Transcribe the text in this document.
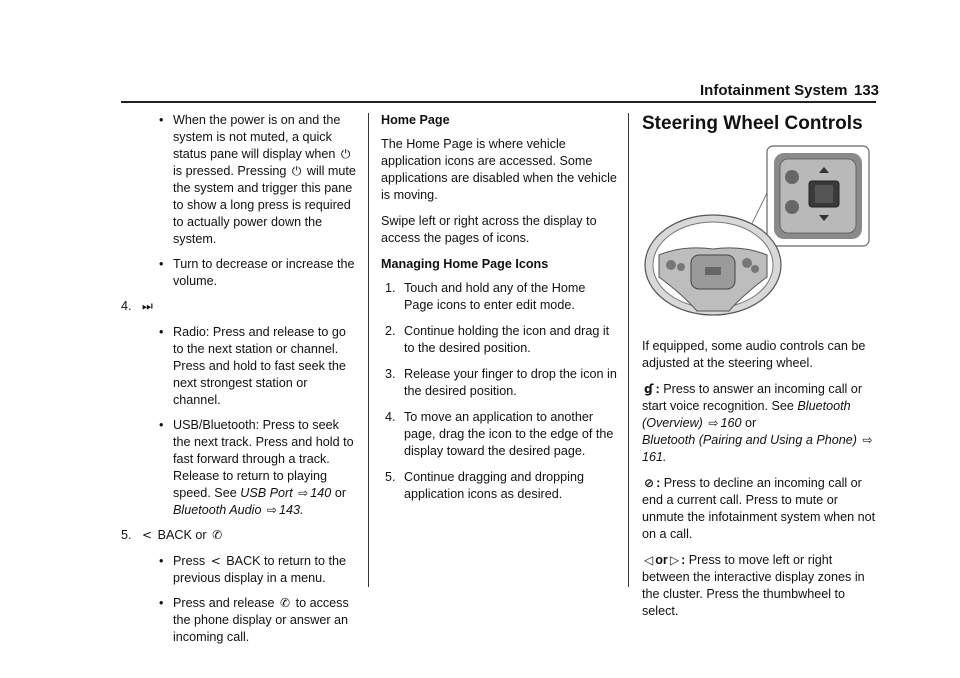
Infotainment System 133
• When the power is on and the system is not muted, a quick status pane will display when ⏻ is pressed. Pressing ⏻ will mute the system and trigger this pane to show a long press is required to actually power down the system.
• Turn to decrease or increase the volume.
4. ⏭
• Radio: Press and release to go to the next station or channel. Press and hold to fast seek the next strongest station or channel.
• USB/Bluetooth: Press to seek the next track. Press and hold to fast forward through a track. Release to return to playing speed. See USB Port ⇨ 140 or
Bluetooth Audio ⇨ 143.
5. < BACK or ✆
• Press < BACK to return to the previous display in a menu.
• Press and release ✆ to access the phone display or answer an incoming call.
Home Page
The Home Page is where vehicle application icons are accessed. Some applications are disabled when the vehicle is moving.
Swipe left or right across the display to access the pages of icons.
Managing Home Page Icons
1. Touch and hold any of the Home Page icons to enter edit mode.
2. Continue holding the icon and drag it to the desired position.
3. Release your finger to drop the icon in the desired position.
4. To move an application to another page, drag the icon to the edge of the display toward the desired page.
5. Continue dragging and dropping application icons as desired.
Steering Wheel Controls
If equipped, some audio controls can be adjusted at the steering wheel.
ɠ : Press to answer an incoming call or start voice recognition. See Bluetooth (Overview) ⇨ 160 or
Bluetooth (Pairing and Using a Phone) ⇨161.
⊘ : Press to decline an incoming call or end a current call. Press to mute or unmute the infotainment system when not on a call.
◁ or ▷ : Press to move left or right between the interactive display zones in the cluster. Press the thumbwheel to select.
